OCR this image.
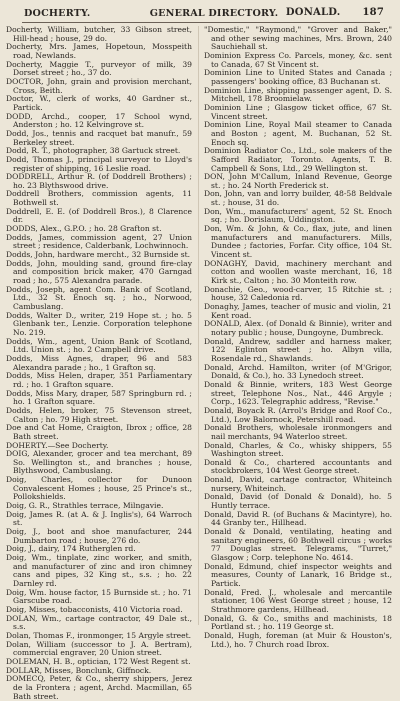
DOCHERTY.	GENERAL DIRECTORY. DONALD. 187

Docherty, William, butcher, 33 Gibson street, Hill-head ; house, 29 do.

Docherty, Mrs. James, Hopetoun, Mosspeith road, Newlands.

Docherty, Maggie T., purveyor of milk, 39 Dorset street ; ho., 37 do.

DOCTOR, John, grain and provision merchant, Cross, Beith.

Doctor, W., clerk of works, 40 Gardner st., Partick.

DODD, Archd., cooper, 17 School wynd, Anderston ; ho. 12 Kelvingrove st.

Dodd, Jos., tennis and racquet bat manufr., 59 Berkeley street.

Dodd, R. T., photographer, 38 Gartuck street.

Dodd, Thomas J., principal surveyor to Lloyd's register of shipping, 16 Leslie road.

DODDRELL, Arthur R. (of Doddrell Brothers) ; ho. 23 Blythswood drive.

Doddrell Brothers, commission agents, 11 Bothwell st.

Doddrell, E. E. (of Doddrell Bros.), 8 Clarence dr.

DODDS, Alex., G.P.O. ; ho. 28 Grafton st.

Dodds, James, commission agent, 27 Union street ; residence, Calderbank, Lochwinnoch.

Dodds, John, hardware mercht., 32 Burnside st.

Dodds, John, moulding sand, ground fire-clay and composition brick maker, 470 Garngad road ; ho., 575 Alexandra parade.

Dodds, Joseph, agent Com. Bank of Scotland, Ltd., 32 St. Enoch sq. ; ho., Norwood, Cambuslang.

Dodds, Walter D., writer, 219 Hope st. ; ho. 5 Glenbank ter., Lenzie. Corporation telephone No. 219.

Dodds, Wm., agent, Union Bank of Scotland, Ltd. Union st. ; ho. 2 Campbell drive.

Dodds, Miss Agnes, draper, 96 and 583 Alexandra parade ; ho., 1 Grafton sq.

Dodds, Miss Helen, draper, 351 Parliamentary rd. ; ho. 1 Grafton square.

Dodds, Miss Mary, draper, 587 Springburn rd. ; ho. 1 Grafton square.

Dodds, Helen, broker, 75 Stevenson street, Calton ; ho. 79 High street.

Doe and Cat Home, Craigton, Ibrox ; office, 28 Bath street.

DOHERTY.—See Docherty.

DOIG, Alexander, grocer and tea merchant, 89 So. Wellington st., and branches ; house, Blythswood, Cambuslang.

Doig, Charles, collector for Dunoon Convalescent Homes ; house, 25 Prince's st., Pollokshields.

Doig, G. R., Strathles terrace, Milngavie.

Doig, James R. (at A. & J. Inglis's), 64 Warroch st.

Doig, J., boot and shoe manufacturer, 244 Dumbarton road ; house, 276 do.

Doig, J., dairy, 174 Rutherglen rd.

Doig, Wm., tinplate, zinc worker, and smith, and manufacturer of zinc and iron chimney cans and pipes, 32 King st., s.s. ; ho. 22 Darnley rd.

Doig, Wm. house factor, 15 Burnside st. ; ho. 71 Garscube road.

Doig, Misses, tobacconists, 410 Victoria road.

DOLAN, Wm., cartage contractor, 49 Dale st., s.s.

Dolan, Thomas F., ironmonger, 15 Argyle street.

Dolan, William (successor to J. A. Bertram), commercial engraver, 20 Union street.

DOLEMAN, H. B., optician, 172 West Regent st.

DOLLAR, Misses, Bonclunk, Giffnock.

DOMECQ, Peter, & Co., sherry shippers, Jerez de la Frontera ; agent, Archd. Macmillan, 65 Bath street.

"Domestic," "Raymond," "Grover and Baker," and other sewing machines, Mrs. Brown, 240 Sauchiehall st.

Dominion Express Co. Parcels, money, &c. sent to Canada, 67 St Vincent st.

Dominion Line to United States and Canada ; passengers' booking office, 83 Buchanan st.

Dominion Line, shipping passenger agent, D. S. Mitchell, 178 Broomielaw.

Dominion Line ; Glasgow ticket office, 67 St. Vincent street.

Dominion Line, Royal Mail steamer to Canada and Boston ; agent, M. Buchanan, 52 St. Enoch sq.

Dominion Radiator Co., Ltd., sole makers of the Safford Radiator, Toronto. Agents, T. B. Campbell & Sons, Ltd., 29 Wellington st.

DON, John M'Callum, Inland Revenue, George st. ; ho. 24 North Frederick st.

Don, John, van and lorry builder, 48-58 Beldvale st. ; house, 31 do.

Don, Wm., manufacturers' agent, 52 St. Enoch sq. ; ho. Dorislaum, Uddingston.

Don, Wm. & John, & Co., flax, jute, and linen manufacturers and manufacturers. Mills, Dundee ; factories, Forfar. City office, 104 St. Vincent st.

DONAGHY, David, machinery merchant and cotton and woollen waste merchant, 16, 18 Kirk st., Calton ; ho. 30 Monteith row.

Donachie, Geo., wood-carver, 15 Ritchie st. ; house, 32 Caledonia rd.

Donaghy, James, teacher of music and violin, 21 Kent road.

DONALD, Alex. (of Donald & Binnie), writer and notary public ; house, Dungoyne, Dumbreck.

Donald, Andrew, saddler and harness maker, 122 Eglinton street ; ho. Albyn villa, Rosendale rd., Shawlands.

Donald, Archd. Hamilton, writer (of M'Grigor, Donald, & Co.), ho. 33 Lynedoch street.

Donald & Binnie, writers, 183 West George street, Telephone Nos., Nat., 446 Argyle ; Corp., 1623. Telegraphic address, "Revise."

Donald, Boyack R. (Arrol's Bridge and Roof Co., Ltd.), Low Balornock, Petershill road.

Donald Brothers, wholesale ironmongers and nail merchants, 94 Waterloo street.

Donald, Charles, & Co., whisky shippers, 55 Washington street.

Donald & Co., chartered accountants and stockbrokers, 104 West George street.

Donald, David, cartage contractor, Whiteinch nursery, Whiteinch.

Donald, David (of Donald & Donald), ho. 5 Huntly terrace.

Donald, David R. (of Buchans & Macintyre), ho. 44 Granby ter., Hillhead.

Donald & Donald, ventilating, heating and sanitary engineers, 60 Bothwell circus ; works 77 Douglas street. Telegrams, "Turret," Glasgow ; Corp. telephone No. 4614.

Donald, Edmund, chief inspector weights and measures, County of Lanark, 16 Bridge st., Partick.

Donald, Fred. J., wholesale and mercantile stationer, 106 West George street ; house, 12 Strathmore gardens, Hillhead.

Donald, G. & Co., smiths and machinists, 18 Portland st. ; ho. 119 George st.

Donald, Hugh, foreman (at Muir & Houston's, Ltd.), ho. 7 Church road Ibrox.
